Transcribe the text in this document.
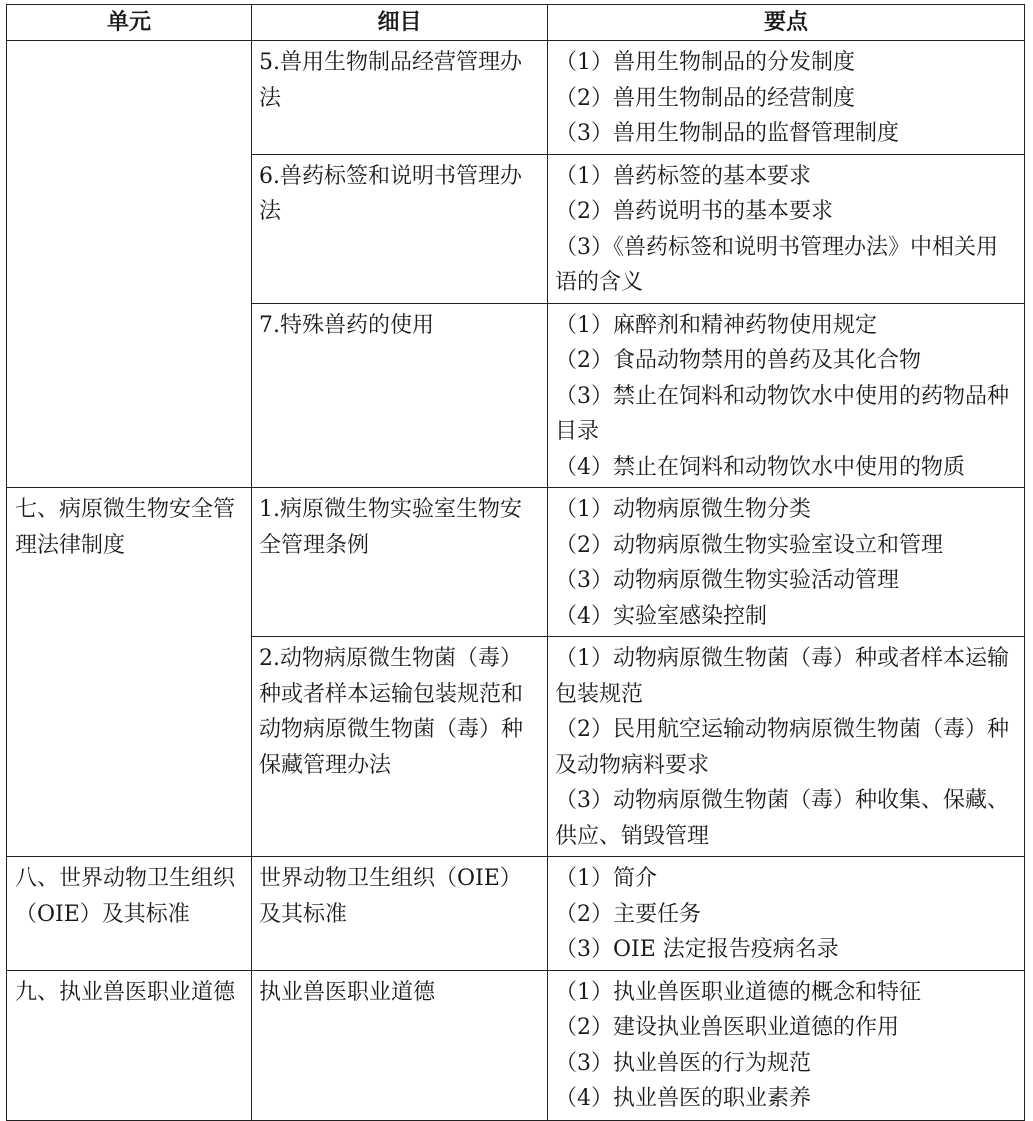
单元	细目	要点
	5.兽用生物制品经营管理办法	（1）兽用生物制品的分发制度
（2）兽用生物制品的经营制度
（3）兽用生物制品的监督管理制度

	6.兽药标签和说明书管理办法	（1）兽药标签的基本要求
（2）兽药说明书的基本要求
（3）《兽药标签和说明书管理办法》中相关用语的含义

	7.特殊兽药的使用	（1）麻醉剂和精神药物使用规定
（2）食品动物禁用的兽药及其化合物
（3）禁止在饲料和动物饮水中使用的药物品种目录
（4）禁止在饲料和动物饮水中使用的物质

七、病原微生物安全管理法律制度	1.病原微生物实验室生物安全管理条例	（1）动物病原微生物分类
（2）动物病原微生物实验室设立和管理
（3）动物病原微生物实验活动管理
（4）实验室感染控制

	2.动物病原微生物菌（毒）种或者样本运输包装规范和动物病原微生物菌（毒）种保藏管理办法	（1）动物病原微生物菌（毒）种或者样本运输包装规范
（2）民用航空运输动物病原微生物菌（毒）种及动物病料要求
（3）动物病原微生物菌（毒）种收集、保藏、供应、销毁管理

八、世界动物卫生组织（OIE）及其标准	世界动物卫生组织（OIE）及其标准	（1）简介
（2）主要任务
（3）OIE 法定报告疫病名录

九、执业兽医职业道德	执业兽医职业道德	（1）执业兽医职业道德的概念和特征
（2）建设执业兽医职业道德的作用
（3）执业兽医的行为规范
（4）执业兽医的职业素养
